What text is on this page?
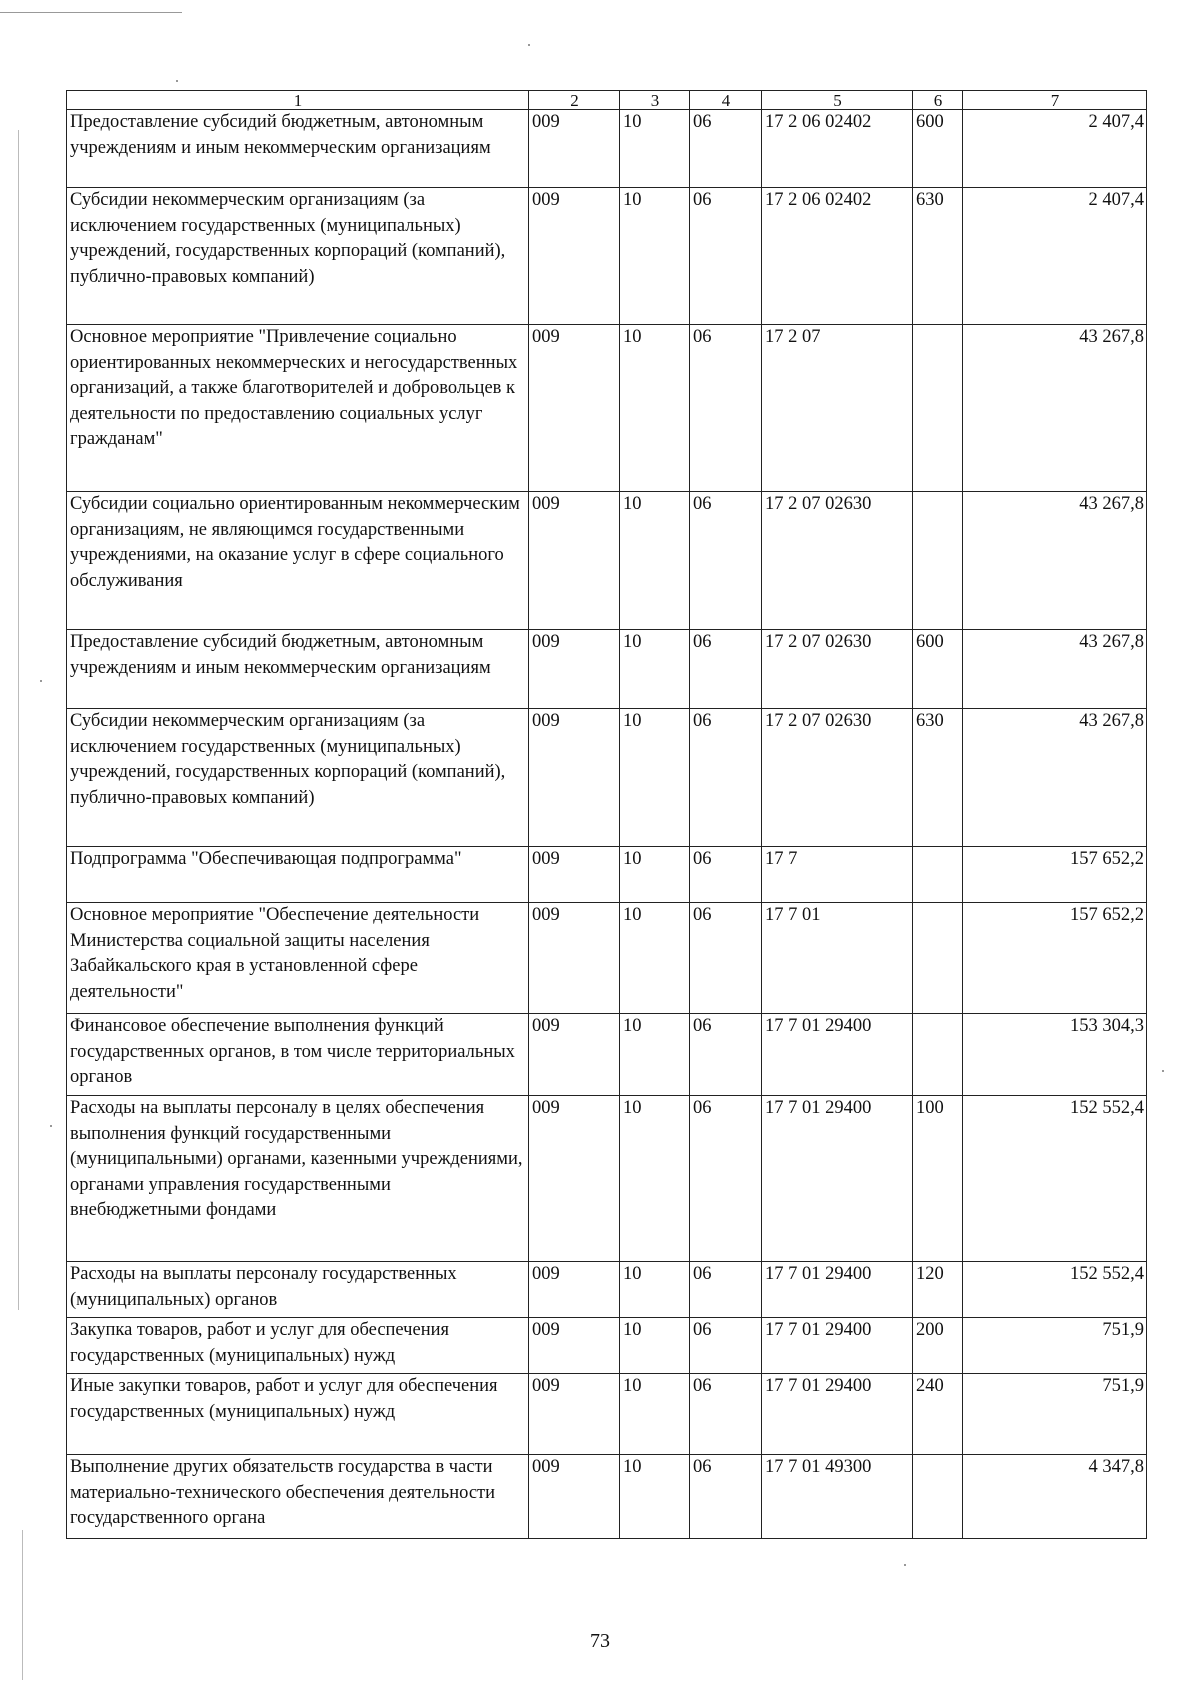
1	2	3	4	5	6	7
Предоставление субсидий бюджетным, автономным учреждениям и иным некоммерческим организациям	009	10	06	17 2 06 02402	600	2 407,4
Субсидии некоммерческим организациям (за исключением государственных (муниципальных) учреждений, государственных корпораций (компаний), публично-правовых компаний)	009	10	06	17 2 06 02402	630	2 407,4
Основное мероприятие "Привлечение социально ориентированных некоммерческих и негосударственных организаций, а также благотворителей и добровольцев к деятельности по предоставлению социальных услуг гражданам"	009	10	06	17 2 07		43 267,8
Субсидии социально ориентированным некоммерческим организациям, не являющимся государственными учреждениями, на оказание услуг в сфере социального обслуживания	009	10	06	17 2 07 02630		43 267,8
Предоставление субсидий бюджетным, автономным учреждениям и иным некоммерческим организациям	009	10	06	17 2 07 02630	600	43 267,8
Субсидии некоммерческим организациям (за исключением государственных (муниципальных) учреждений, государственных корпораций (компаний), публично-правовых компаний)	009	10	06	17 2 07 02630	630	43 267,8
Подпрограмма "Обеспечивающая подпрограмма"	009	10	06	17 7		157 652,2
Основное мероприятие "Обеспечение деятельности Министерства социальной защиты населения Забайкальского края в установленной сфере деятельности"	009	10	06	17 7 01		157 652,2
Финансовое обеспечение выполнения функций государственных органов, в том числе территориальных органов	009	10	06	17 7 01 29400		153 304,3
Расходы на выплаты персоналу в целях обеспечения выполнения функций государственными (муниципальными) органами, казенными учреждениями, органами управления государственными внебюджетными фондами	009	10	06	17 7 01 29400	100	152 552,4
Расходы на выплаты персоналу государственных (муниципальных) органов	009	10	06	17 7 01 29400	120	152 552,4
Закупка товаров, работ и услуг для обеспечения государственных (муниципальных) нужд	009	10	06	17 7 01 29400	200	751,9
Иные закупки товаров, работ и услуг для обеспечения государственных (муниципальных) нужд	009	10	06	17 7 01 29400	240	751,9
Выполнение других обязательств государства в части материально-технического обеспечения деятельности государственного органа	009	10	06	17 7 01 49300		4 347,8
73
